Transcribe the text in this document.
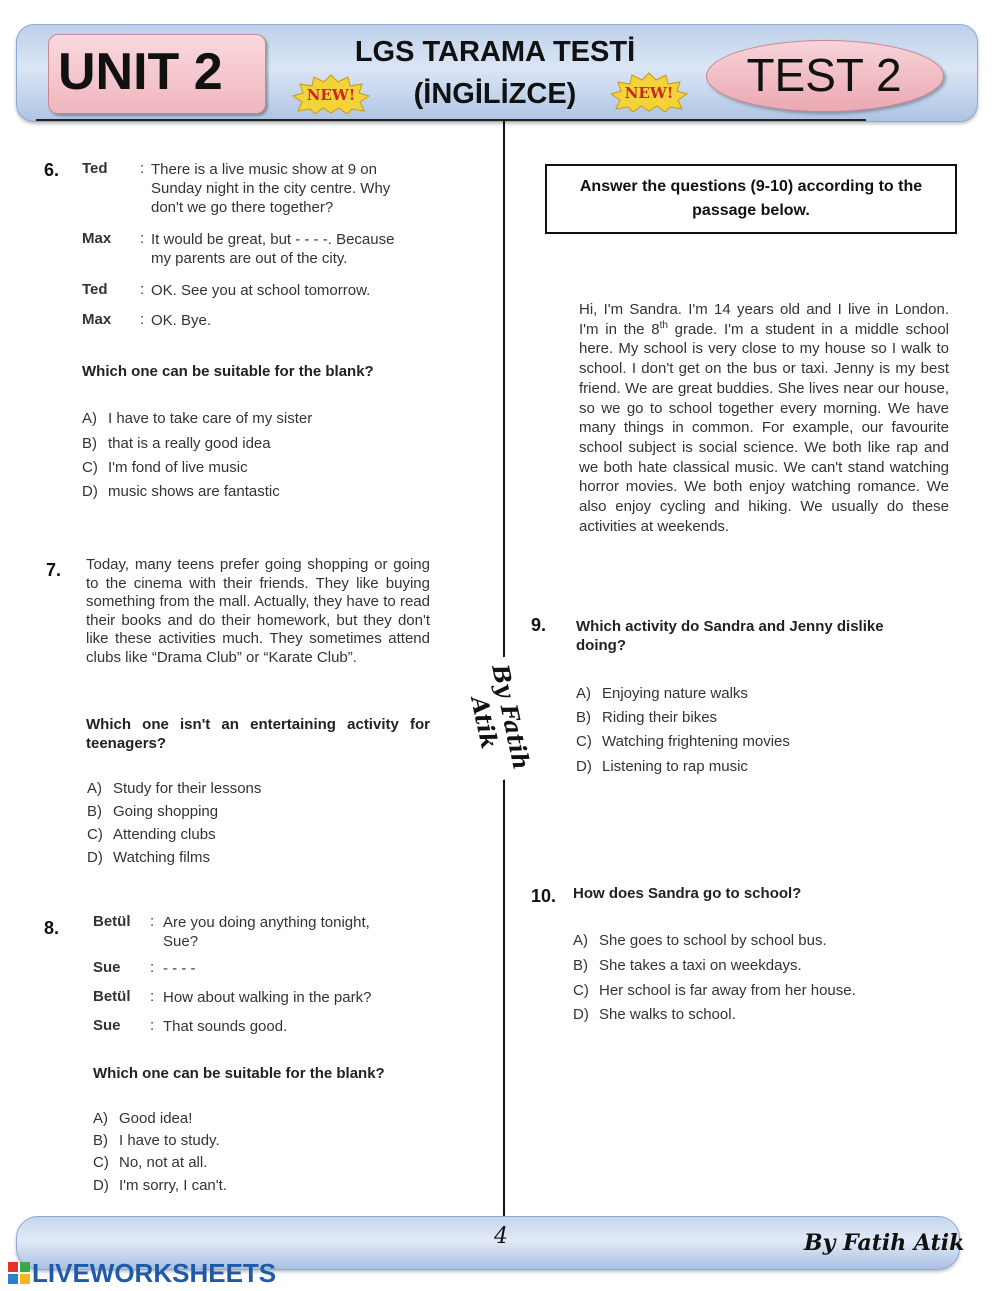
UNIT 2	LGS TARAMA TESTİ
(İNGİLİZCE)
NEW!	NEW!	TEST 2
By Fatih Atik
6. Ted : There is a live music show at 9 on
Sunday night in the city centre. Why
don't we go there together?
Max : It would be great, but - - - -. Because
my parents are out of the city.
Ted : OK. See you at school tomorrow.
Max : OK. Bye.
Which one can be suitable for the blank?
A) I have to take care of my sister
B) that is a really good idea
C) I'm fond of live music
D) music shows are fantastic
7. Today, many teens prefer going shopping or going to the cinema with their friends. They like buying something from the mall. Actually, they have to read their books and do their homework, but they don't like these activities much. They sometimes attend clubs like “Drama Club” or “Karate Club”.
Which one isn't an entertaining activity for teenagers?
A) Study for their lessons
B) Going shopping
C) Attending clubs
D) Watching films
8. Betül : Are you doing anything tonight,
Sue?
Sue : - - - -
Betül : How about walking in the park?
Sue : That sounds good.
Which one can be suitable for the blank?
A) Good idea!
B) I have to study.
C) No, not at all.
D) I'm sorry, I can't.
Answer the questions (9-10) according to the passage below.
Hi, I'm Sandra. I'm 14 years old and I live in London. I'm in the 8th grade. I'm a student in a middle school here. My school is very close to my house so I walk to school. I don't get on the bus or taxi. Jenny is my best friend. We are great buddies. She lives near our house, so we go to school together every morning. We have many things in common. For example, our favourite school subject is social science. We both like rap and we both hate classical music. We can't stand watching horror movies. We both enjoy watching romance. We also enjoy cycling and hiking. We usually do these activities at weekends.
9. Which activity do Sandra and Jenny dislike doing?
A) Enjoying nature walks
B) Riding their bikes
C) Watching frightening movies
D) Listening to rap music
10. How does Sandra go to school?
A) She goes to school by school bus.
B) She takes a taxi on weekdays.
C) Her school is far away from her house.
D) She walks to school.
4	By Fatih Atik
LIVEWORKSHEETS
